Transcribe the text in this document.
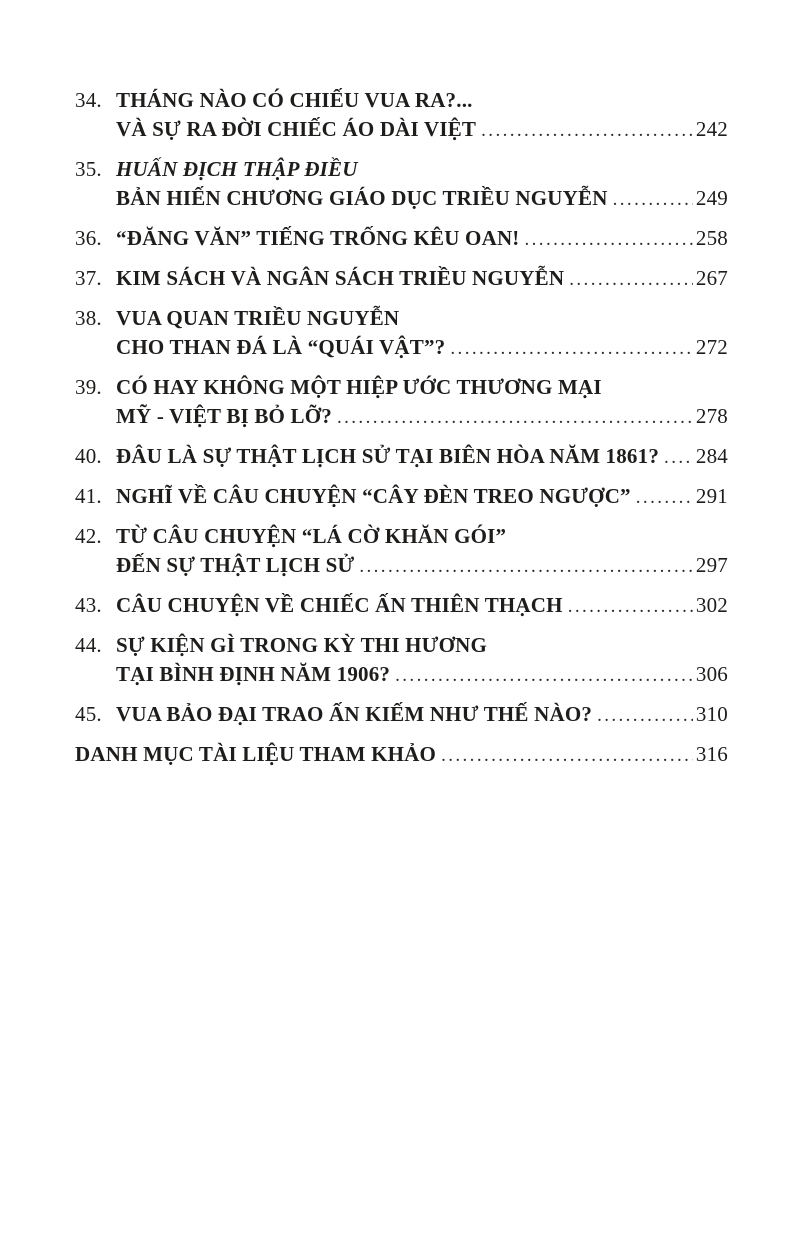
34. THÁNG NÀO CÓ CHIẾU VUA RA?...
VÀ SỰ RA ĐỜI CHIẾC ÁO DÀI VIỆT .....	242
35. HUẤN ĐỊCH THẬP ĐIỀU
BẢN HIẾN CHƯƠNG GIÁO DỤC TRIỀU NGUYỄN .....	249
36. “ĐĂNG VĂN” TIẾNG TRỐNG KÊU OAN! .....	258
37. KIM SÁCH VÀ NGÂN SÁCH TRIỀU NGUYỄN .....	267
38. VUA QUAN TRIỀU NGUYỄN
CHO THAN ĐÁ LÀ “QUÁI VẬT”? .....	272
39. CÓ HAY KHÔNG MỘT HIỆP ƯỚC THƯƠNG MẠI
MỸ - VIỆT BỊ BỎ LỠ? .....	278
40. ĐÂU LÀ SỰ THẬT LỊCH SỬ TẠI BIÊN HÒA NĂM 1861? ..... 284
41. NGHĨ VỀ CÂU CHUYỆN “CÂY ĐÈN TREO NGƯỢC” .....	291
42. TỪ CÂU CHUYỆN “LÁ CỜ KHĂN GÓI”
ĐẾN SỰ THẬT LỊCH SỬ .....	297
43. CÂU CHUYỆN VỀ CHIẾC ẤN THIÊN THẠCH .....	302
44. SỰ KIỆN GÌ TRONG KỲ THI HƯƠNG
TẠI BÌNH ĐỊNH NĂM 1906? .....	306
45. VUA BẢO ĐẠI TRAO ẤN KIẾM NHƯ THẾ NÀO? .....	310
DANH MỤC TÀI LIỆU THAM KHẢO .....	316
